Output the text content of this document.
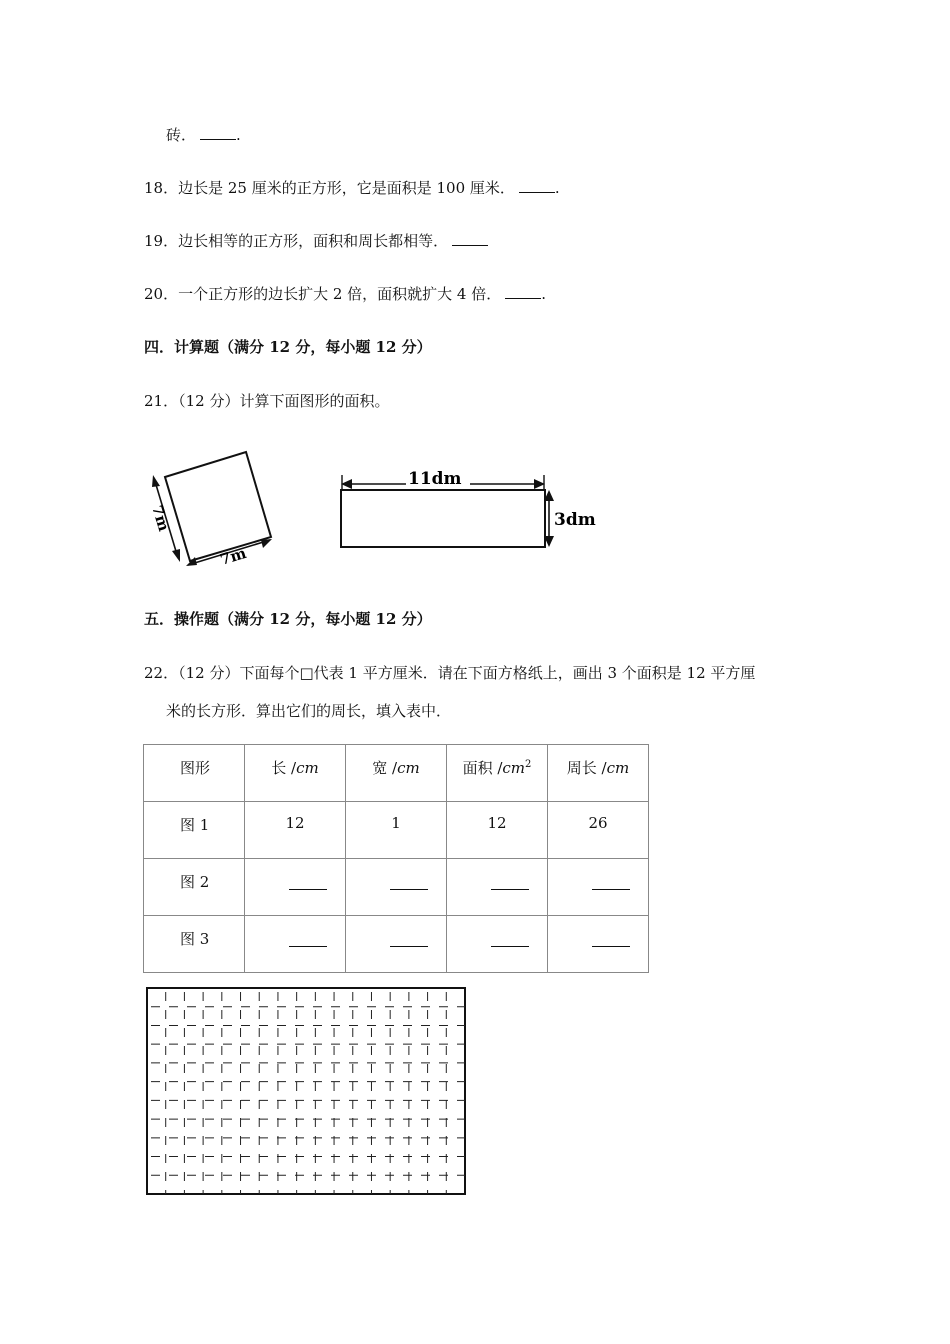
砖．	.
18．边长是 25 厘米的正方形，它是面积是 100 厘米．	.
19．边长相等的正方形，面积和周长都相等．
20．一个正方形的边长扩大 2 倍，面积就扩大 4 倍．	.
四．计算题（满分 12 分，每小题 12 分）
21．（12 分）计算下面图形的面积。
7m
7m
11dm
3dm
五．操作题（满分 12 分，每小题 12 分）
22．（12 分）下面每个□代表 1 平方厘米．请在下面方格纸上，画出 3 个面积是 12 平方厘
米的长方形．算出它们的周长，填入表中．
图形	长 /cm	宽 /cm	面积 $/cm^2$	周长 /cm
图 1	12	1	12	26
图 2				
图 3				
